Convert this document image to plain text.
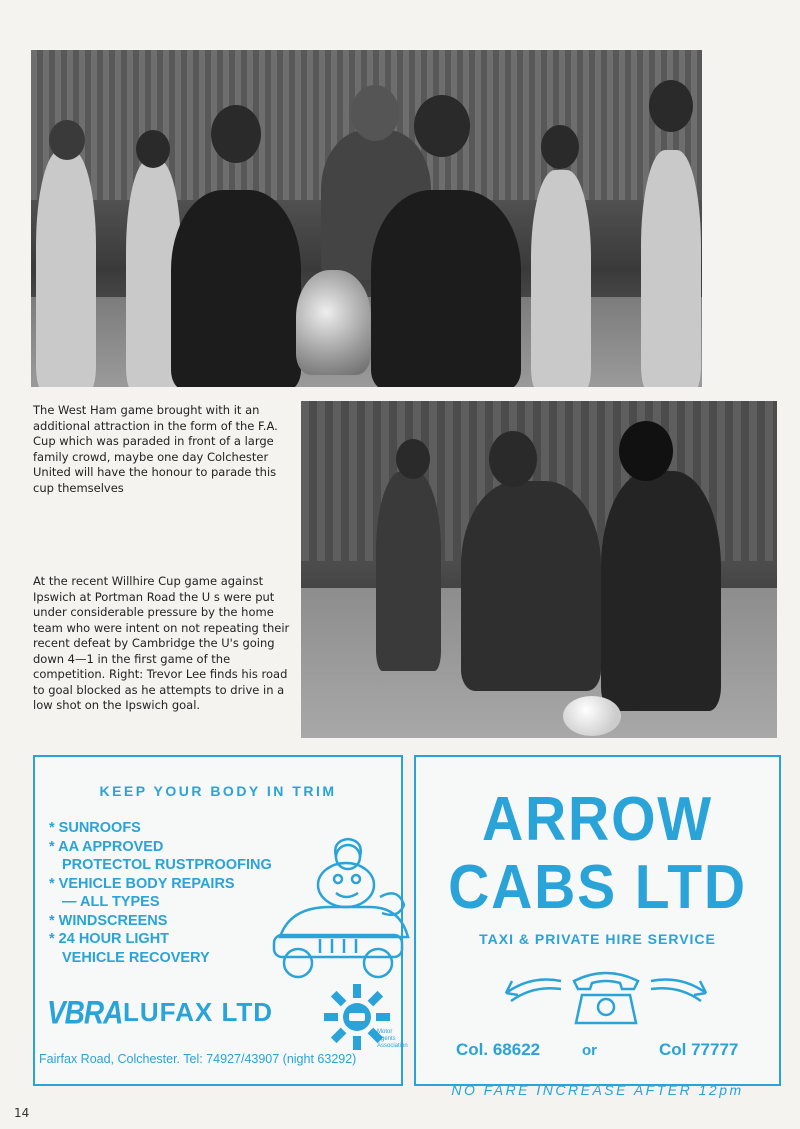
The West Ham game brought with it an additional attraction in the form of the F.A. Cup which was paraded in front of a large family crowd, maybe one day Colchester United will have the honour to parade this cup themselves

At the recent Willhire Cup game against Ipswich at Portman Road the U s were put under considerable pressure by the home team who were intent on not repeating their recent defeat by Cambridge the U's going down 4—1 in the first game of the competition. Right: Trevor Lee finds his road to goal blocked as he attempts to drive in a low shot on the Ipswich goal.

KEEP YOUR BODY IN TRIM
* SUNROOFS
* AA APPROVED
PROTECTOL RUSTPROOFING
* VEHICLE BODY REPAIRS
— ALL TYPES
* WINDSCREENS
* 24 HOUR LIGHT
VEHICLE RECOVERY
VBRA LUFAX LTD
Motor Agents Association
Fairfax Road, Colchester. Tel: 74927/43907 (night 63292)
ARROW
CABS LTD
TAXI & PRIVATE HIRE SERVICE
Col. 68622	or	Col 77777
NO FARE INCREASE AFTER 12pm
14
